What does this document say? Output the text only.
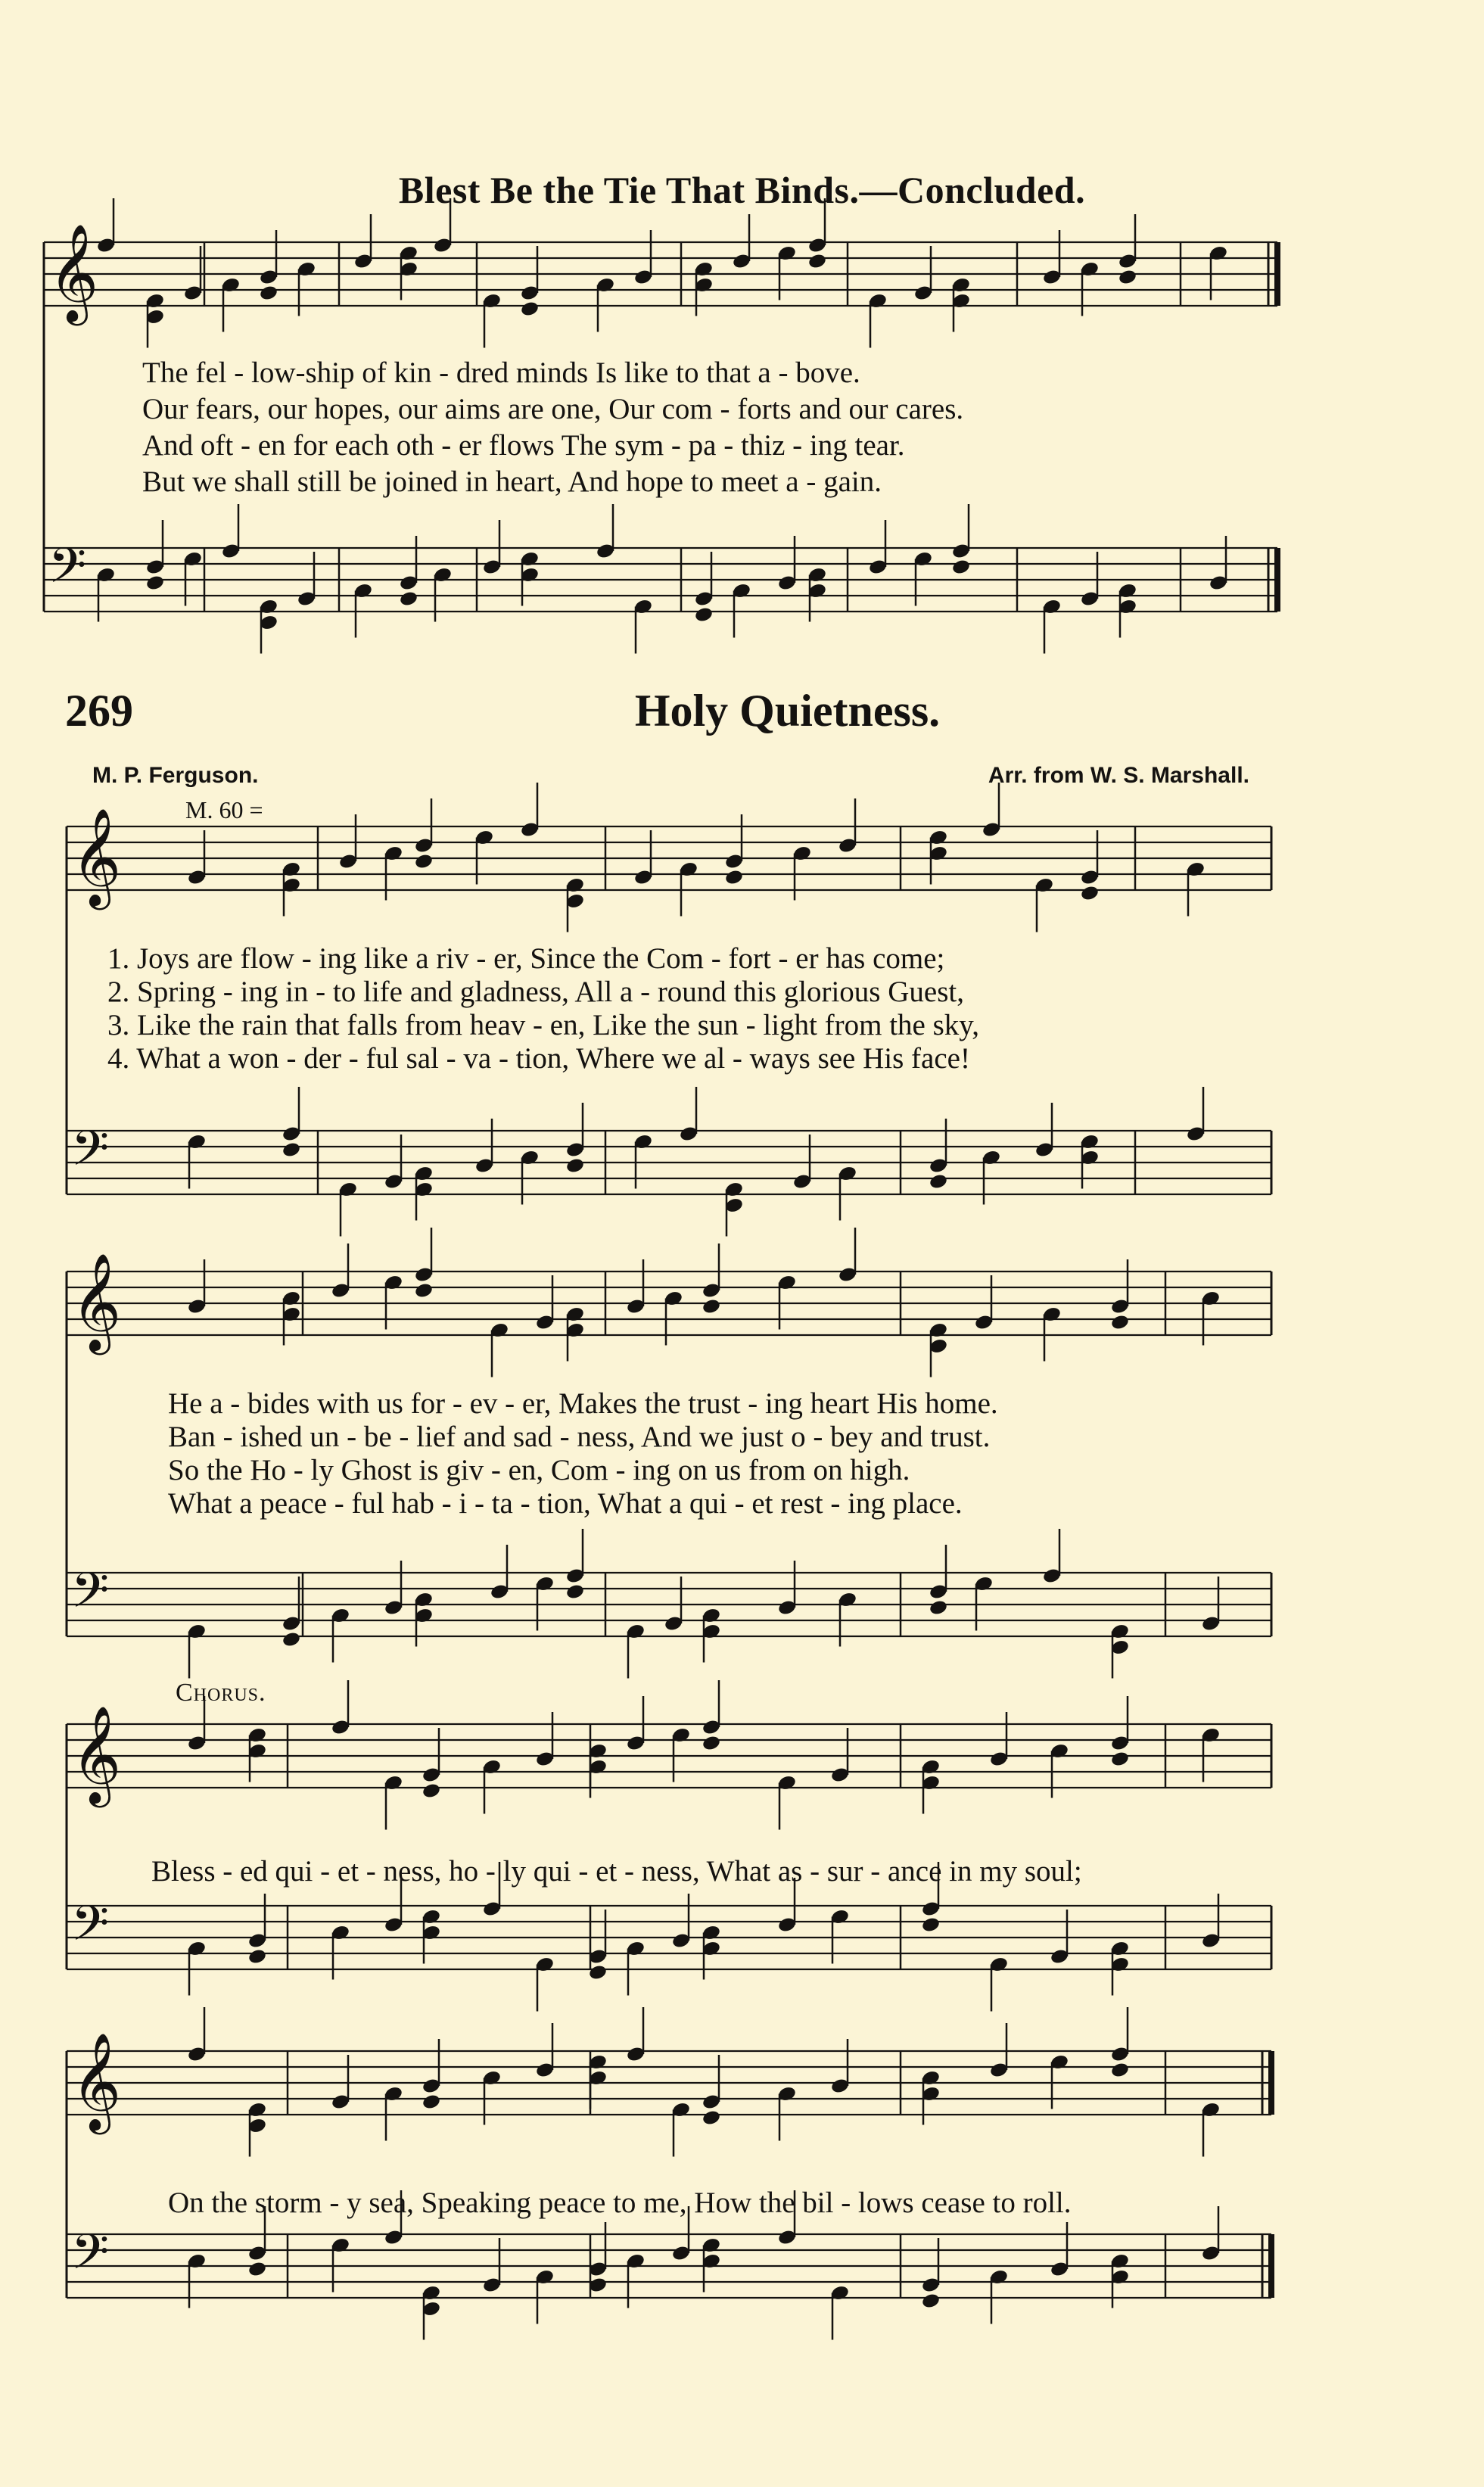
Blest Be the Tie That Binds.—Concluded.
𝄞
𝄢
𝄞
𝄢
𝄞
𝄢
𝄞
𝄢
𝄞
𝄢
The fel - low-ship of kin - dred minds Is like to that a - bove.
Our fears, our hopes, our aims are one, Our com - forts and our cares.
And oft - en for each oth - er flows The sym - pa - thiz - ing tear.
But we shall still be joined in heart, And hope to meet a - gain.
269	Holy Quietness.
M. P. Ferguson.	Arr. from W. S. Marshall.
M. 60 =
1. Joys are flow - ing like a riv - er, Since the Com - fort - er has come;
2. Spring - ing in - to life and gladness, All a - round this glorious Guest,
3. Like the rain that falls from heav - en, Like the sun - light from the sky,
4. What a won - der - ful sal - va - tion, Where we al - ways see His face!
He a - bides with us for - ev - er, Makes the trust - ing heart His home.
Ban - ished un - be - lief and sad - ness, And we just o - bey and trust.
So the Ho - ly Ghost is giv - en, Com - ing on us from on high.
What a peace - ful hab - i - ta - tion, What a qui - et rest - ing place.
Chorus.
Bless - ed qui - et - ness, ho - ly qui - et - ness, What as - sur - ance in my soul;
On the storm - y sea, Speaking peace to me, How the bil - lows cease to roll.
